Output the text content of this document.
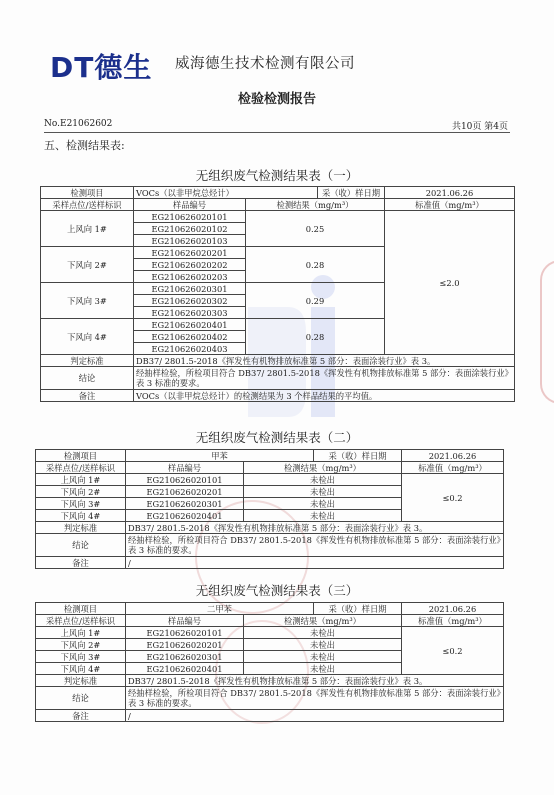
DT德生 威海德生技术检测有限公司
检验检测报告
No.E21062602	共10页 第4页
五、检测结果表:
无组织废气检测结果表（一）
检测项目	VOCs（以非甲烷总烃计）		采（收）样日期	2021.06.26
采样点位/送样标识	样品编号	检测结果（mg/m³）		标准值（mg/m³）
上风向 1#	EG210626020101	0.25		≤2.0
	EG210626020102			
	EG210626020103			
下风向 2#	EG210626020201	0.28		
	EG210626020202			
	EG210626020203			
下风向 3#	EG210626020301	0.29		
	EG210626020302			
	EG210626020303			
下风向 4#	EG210626020401	0.28		
	EG210626020402			
	EG210626020403			
判定标准	DB37/ 2801.5-2018《挥发性有机物排放标准第 5 部分：表面涂装行业》表 3。			
结论	经抽样检验，所检项目符合 DB37/ 2801.5-2018《挥发性有机物排放标准第 5 部分：表面涂装行业》表 3 标准的要求。			
备注	VOCs（以非甲烷总烃计）的检测结果为 3 个样品结果的平均值。			
无组织废气检测结果表（二）
检测项目	甲苯		采（收）样日期	2021.06.26
采样点位/送样标识	样品编号	检测结果（mg/m³）		标准值（mg/m³）
上风向 1#	EG210626020101	未检出		≤0.2
下风向 2#	EG210626020201	未检出		
下风向 3#	EG210626020301	未检出		
下风向 4#	EG210626020401	未检出		
判定标准	DB37/ 2801.5-2018《挥发性有机物排放标准第 5 部分：表面涂装行业》表 3。			
结论	经抽样检验，所检项目符合 DB37/ 2801.5-2018《挥发性有机物排放标准第 5 部分：表面涂装行业》表 3 标准的要求。			
备注	/			
无组织废气检测结果表（三）
检测项目	二甲苯		采（收）样日期	2021.06.26
采样点位/送样标识	样品编号	检测结果（mg/m³）		标准值（mg/m³）
上风向 1#	EG210626020101	未检出		≤0.2
下风向 2#	EG210626020201	未检出		
下风向 3#	EG210626020301	未检出		
下风向 4#	EG210626020401	未检出		
判定标准	DB37/ 2801.5-2018《挥发性有机物排放标准第 5 部分：表面涂装行业》表 3。			
结论	经抽样检验，所检项目符合 DB37/ 2801.5-2018《挥发性有机物排放标准第 5 部分：表面涂装行业》表 3 标准的要求。			
备注	/			
